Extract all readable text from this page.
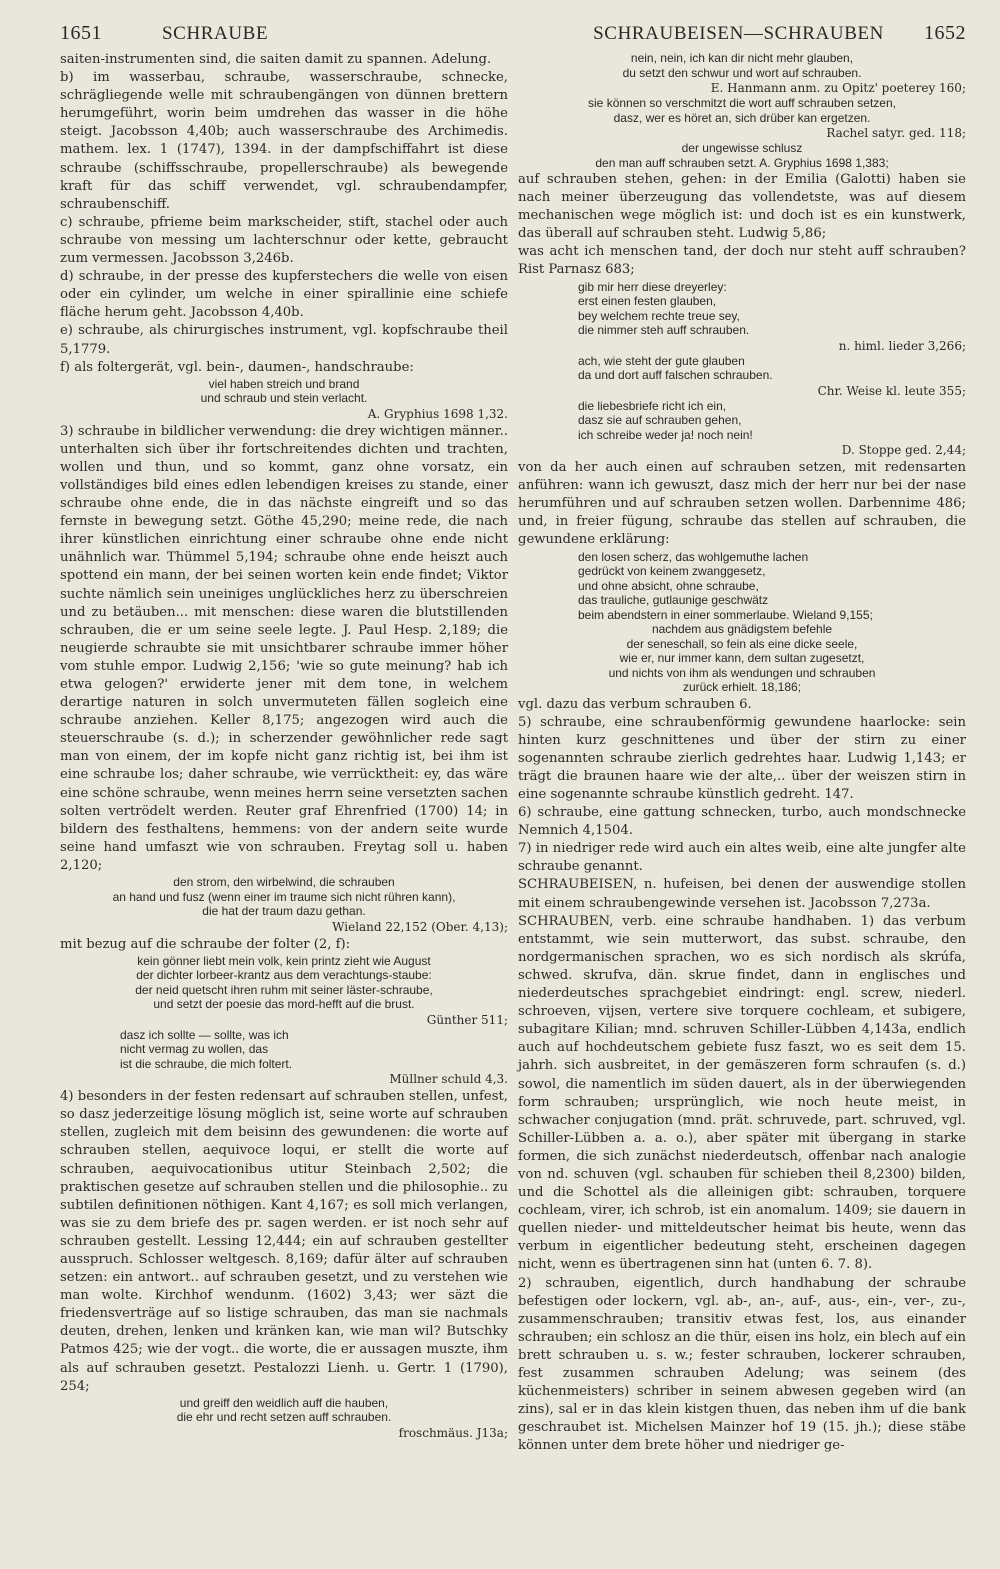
1651	SCHRAUBE	SCHRAUBEISEN—SCHRAUBEN 1652

saiten-instrumenten sind, die saiten damit zu spannen. Adelung.

b) im wasserbau, schraube, wasserschraube, schnecke, schrägliegende welle mit schraubengängen von dünnen brettern herumgeführt, worin beim umdrehen das wasser in die höhe steigt. Jacobsson 4,40b; auch wasserschraube des Archimedis. mathem. lex. 1 (1747), 1394. in der dampfschiffahrt ist diese schraube (schiffsschraube, propellerschraube) als bewegende kraft für das schiff verwendet, vgl. schraubendampfer, schraubenschiff.

c) schraube, pfrieme beim markscheider, stift, stachel oder auch schraube von messing um lachterschnur oder kette, gebraucht zum vermessen. Jacobsson 3,246b.

d) schraube, in der presse des kupferstechers die welle von eisen oder ein cylinder, um welche in einer spirallinie eine schiefe fläche herum geht. Jacobsson 4,40b.

e) schraube, als chirurgisches instrument, vgl. kopfschraube theil 5,1779.

f) als foltergerät, vgl. bein-, daumen-, handschraube:

viel haben streich und brand

und schraub und stein verlacht.

A. Gryphius 1698 1,32.

3) schraube in bildlicher verwendung: die drey wichtigen männer.. unterhalten sich über ihr fortschreitendes dichten und trachten, wollen und thun, und so kommt, ganz ohne vorsatz, ein vollständiges bild eines edlen lebendigen kreises zu stande, einer schraube ohne ende, die in das nächste eingreift und so das fernste in bewegung setzt. Göthe 45,290; meine rede, die nach ihrer künstlichen einrichtung einer schraube ohne ende nicht unähnlich war. Thümmel 5,194; schraube ohne ende heiszt auch spottend ein mann, der bei seinen worten kein ende findet; Viktor suchte nämlich sein uneiniges unglückliches herz zu überschreien und zu betäuben... mit menschen: diese waren die blutstillenden schrauben, die er um seine seele legte. J. Paul Hesp. 2,189; die neugierde schraubte sie mit unsichtbarer schraube immer höher vom stuhle empor. Ludwig 2,156; 'wie so gute meinung? hab ich etwa gelogen?' erwiderte jener mit dem tone, in welchem derartige naturen in solch unvermuteten fällen sogleich eine schraube anziehen. Keller 8,175; angezogen wird auch die steuerschraube (s. d.); in scherzender gewöhnlicher rede sagt man von einem, der im kopfe nicht ganz richtig ist, bei ihm ist eine schraube los; daher schraube, wie verrücktheit: ey, das wäre eine schöne schraube, wenn meines herrn seine versetzten sachen solten vertrödelt werden. Reuter graf Ehrenfried (1700) 14; in bildern des festhaltens, hemmens: von der andern seite wurde seine hand umfaszt wie von schrauben. Freytag soll u. haben 2,120;

den strom, den wirbelwind, die schrauben

an hand und fusz (wenn einer im traume sich nicht rühren kann),

die hat der traum dazu gethan.

Wieland 22,152 (Ober. 4,13);

mit bezug auf die schraube der folter (2, f):

kein gönner liebt mein volk, kein printz zieht wie August

der dichter lorbeer-krantz aus dem verachtungs-staube:

der neid quetscht ihren ruhm mit seiner läster-schraube,

und setzt der poesie das mord-hefft auf die brust.

Günther 511;

dasz ich sollte — sollte, was ich

nicht vermag zu wollen, das

ist die schraube, die mich foltert.

Müllner schuld 4,3.

4) besonders in der festen redensart auf schrauben stellen, unfest, so dasz jederzeitige lösung möglich ist, seine worte auf schrauben stellen, zugleich mit dem beisinn des gewundenen: die worte auf schrauben stellen, aequivoce loqui, er stellt die worte auf schrauben, aequivocationibus utitur Steinbach 2,502; die praktischen gesetze auf schrauben stellen und die philosophie.. zu subtilen definitionen nöthigen. Kant 4,167; es soll mich verlangen, was sie zu dem briefe des pr. sagen werden. er ist noch sehr auf schrauben gestellt. Lessing 12,444; ein auf schrauben gestellter ausspruch. Schlosser weltgesch. 8,169; dafür älter auf schrauben setzen: ein antwort.. auf schrauben gesetzt, und zu verstehen wie man wolte. Kirchhof wendunm. (1602) 3,43; wer säzt die friedensverträge auf so listige schrauben, das man sie nachmals deuten, drehen, lenken und kränken kan, wie man wil? Butschky Patmos 425; wie der vogt.. die worte, die er aussagen muszte, ihm als auf schrauben gesetzt. Pestalozzi Lienh. u. Gertr. 1 (1790), 254;

und greiff den weidlich auff die hauben,

die ehr und recht setzen auff schrauben.

froschmäus. J13a;

nein, nein, ich kan dir nicht mehr glauben,

du setzt den schwur und wort auf schrauben.

E. Hanmann anm. zu Opitz' poeterey 160;

sie können so verschmitzt die wort auff schrauben setzen,

dasz, wer es höret an, sich drüber kan ergetzen.

Rachel satyr. ged. 118;

der ungewisse schlusz

den man auff schrauben setzt. A. Gryphius 1698 1,383;

auf schrauben stehen, gehen: in der Emilia (Galotti) haben sie nach meiner überzeugung das vollendetste, was auf diesem mechanischen wege möglich ist: und doch ist es ein kunstwerk, das überall auf schrauben steht. Ludwig 5,86;

was acht ich menschen tand, der doch nur steht auff schrauben? Rist Parnasz 683;

gib mir herr diese dreyerley:

erst einen festen glauben,

bey welchem rechte treue sey,

die nimmer steh auff schrauben.

n. himl. lieder 3,266;

ach, wie steht der gute glauben

da und dort auff falschen schrauben.

Chr. Weise kl. leute 355;

die liebesbriefe richt ich ein,

dasz sie auf schrauben gehen,

ich schreibe weder ja! noch nein!

D. Stoppe ged. 2,44;

von da her auch einen auf schrauben setzen, mit redensarten anführen: wann ich gewuszt, dasz mich der herr nur bei der nase herumführen und auf schrauben setzen wollen. Darbennime 486; und, in freier fügung, schraube das stellen auf schrauben, die gewundene erklärung:

den losen scherz, das wohlgemuthe lachen

gedrückt von keinem zwanggesetz,

und ohne absicht, ohne schraube,

das trauliche, gutlaunige geschwätz

beim abendstern in einer sommerlaube. Wieland 9,155;

nachdem aus gnädigstem befehle

der seneschall, so fein als eine dicke seele,

wie er, nur immer kann, dem sultan zugesetzt,

und nichts von ihm als wendungen und schrauben

zurück erhielt. 18,186;

vgl. dazu das verbum schrauben 6.

5) schraube, eine schraubenförmig gewundene haarlocke: sein hinten kurz geschnittenes und über der stirn zu einer sogenannten schraube zierlich gedrehtes haar. Ludwig 1,143; er trägt die braunen haare wie der alte,.. über der weiszen stirn in eine sogenannte schraube künstlich gedreht. 147.

6) schraube, eine gattung schnecken, turbo, auch mondschnecke Nemnich 4,1504.

7) in niedriger rede wird auch ein altes weib, eine alte jungfer alte schraube genannt.

SCHRAUBEISEN, n. hufeisen, bei denen der auswendige stollen mit einem schraubengewinde versehen ist. Jacobsson 7,273a.

SCHRAUBEN, verb. eine schraube handhaben. 1) das verbum entstammt, wie sein mutterwort, das subst. schraube, den nordgermanischen sprachen, wo es sich nordisch als skrúfa, schwed. skrufva, dän. skrue findet, dann in englisches und niederdeutsches sprachgebiet eindringt: engl. screw, niederl. schroeven, vijsen, vertere sive torquere cochleam, et subigere, subagitare Kilian; mnd. schruven Schiller-Lübben 4,143a, endlich auch auf hochdeutschem gebiete fusz faszt, wo es seit dem 15. jahrh. sich ausbreitet, in der gemäszeren form schraufen (s. d.) sowol, die namentlich im süden dauert, als in der überwiegenden form schrauben; ursprünglich, wie noch heute meist, in schwacher conjugation (mnd. prät. schruvede, part. schruved, vgl. Schiller-Lübben a. a. o.), aber später mit übergang in starke formen, die sich zunächst niederdeutsch, offenbar nach analogie von nd. schuven (vgl. schauben für schieben theil 8,2300) bilden, und die Schottel als die alleinigen gibt: schrauben, torquere cochleam, virer, ich schrob, ist ein anomalum. 1409; sie dauern in quellen nieder- und mitteldeutscher heimat bis heute, wenn das verbum in eigentlicher bedeutung steht, erscheinen dagegen nicht, wenn es übertragenen sinn hat (unten 6. 7. 8).

2) schrauben, eigentlich, durch handhabung der schraube befestigen oder lockern, vgl. ab-, an-, auf-, aus-, ein-, ver-, zu-, zusammenschrauben; transitiv etwas fest, los, aus einander schrauben; ein schlosz an die thür, eisen ins holz, ein blech auf ein brett schrauben u. s. w.; fester schrauben, lockerer schrauben, fest zusammen schrauben Adelung; was seinem (des küchenmeisters) schriber in seinem abwesen gegeben wird (an zins), sal er in das klein kistgen thuen, das neben ihm uf die bank geschraubet ist. Michelsen Mainzer hof 19 (15. jh.); diese stäbe können unter dem brete höher und niedriger ge-
